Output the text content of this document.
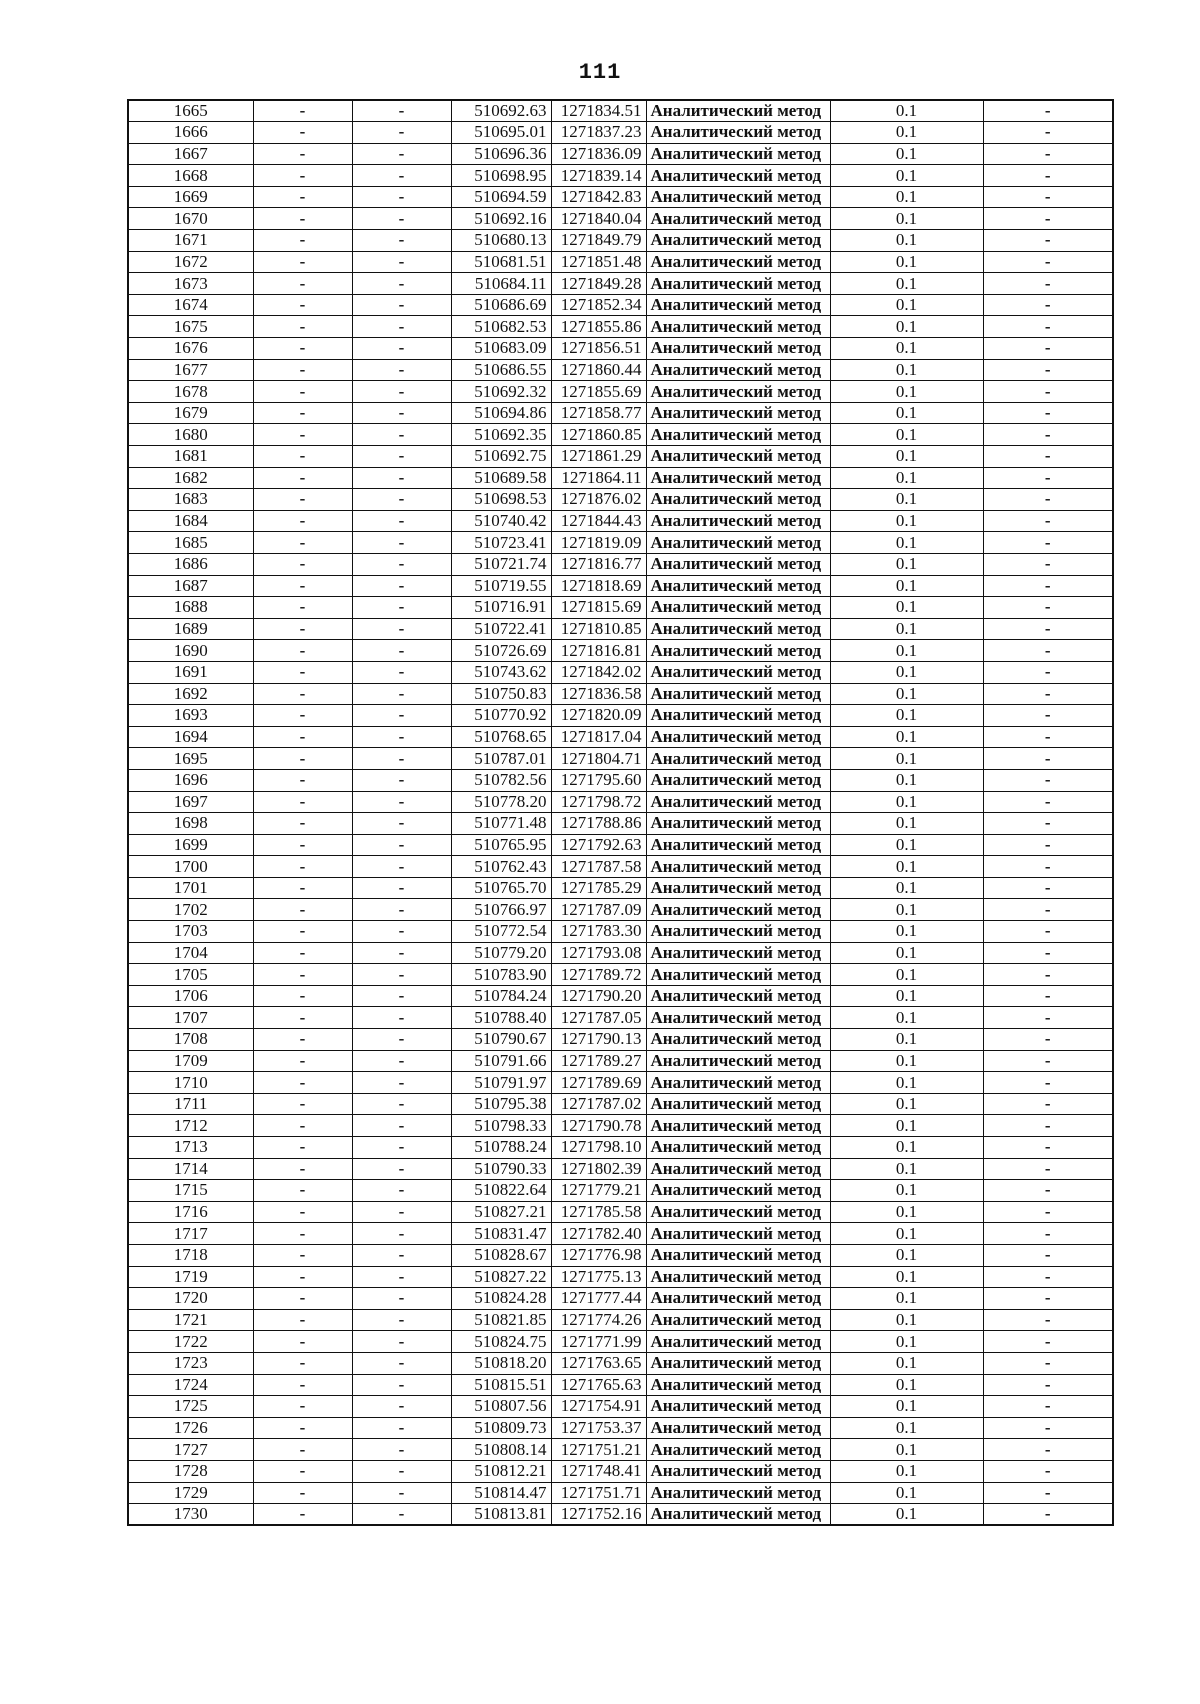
111
1665	-	-	510692.63	1271834.51	Аналитический метод	0.1	-
1666	-	-	510695.01	1271837.23	Аналитический метод	0.1	-
1667	-	-	510696.36	1271836.09	Аналитический метод	0.1	-
1668	-	-	510698.95	1271839.14	Аналитический метод	0.1	-
1669	-	-	510694.59	1271842.83	Аналитический метод	0.1	-
1670	-	-	510692.16	1271840.04	Аналитический метод	0.1	-
1671	-	-	510680.13	1271849.79	Аналитический метод	0.1	-
1672	-	-	510681.51	1271851.48	Аналитический метод	0.1	-
1673	-	-	510684.11	1271849.28	Аналитический метод	0.1	-
1674	-	-	510686.69	1271852.34	Аналитический метод	0.1	-
1675	-	-	510682.53	1271855.86	Аналитический метод	0.1	-
1676	-	-	510683.09	1271856.51	Аналитический метод	0.1	-
1677	-	-	510686.55	1271860.44	Аналитический метод	0.1	-
1678	-	-	510692.32	1271855.69	Аналитический метод	0.1	-
1679	-	-	510694.86	1271858.77	Аналитический метод	0.1	-
1680	-	-	510692.35	1271860.85	Аналитический метод	0.1	-
1681	-	-	510692.75	1271861.29	Аналитический метод	0.1	-
1682	-	-	510689.58	1271864.11	Аналитический метод	0.1	-
1683	-	-	510698.53	1271876.02	Аналитический метод	0.1	-
1684	-	-	510740.42	1271844.43	Аналитический метод	0.1	-
1685	-	-	510723.41	1271819.09	Аналитический метод	0.1	-
1686	-	-	510721.74	1271816.77	Аналитический метод	0.1	-
1687	-	-	510719.55	1271818.69	Аналитический метод	0.1	-
1688	-	-	510716.91	1271815.69	Аналитический метод	0.1	-
1689	-	-	510722.41	1271810.85	Аналитический метод	0.1	-
1690	-	-	510726.69	1271816.81	Аналитический метод	0.1	-
1691	-	-	510743.62	1271842.02	Аналитический метод	0.1	-
1692	-	-	510750.83	1271836.58	Аналитический метод	0.1	-
1693	-	-	510770.92	1271820.09	Аналитический метод	0.1	-
1694	-	-	510768.65	1271817.04	Аналитический метод	0.1	-
1695	-	-	510787.01	1271804.71	Аналитический метод	0.1	-
1696	-	-	510782.56	1271795.60	Аналитический метод	0.1	-
1697	-	-	510778.20	1271798.72	Аналитический метод	0.1	-
1698	-	-	510771.48	1271788.86	Аналитический метод	0.1	-
1699	-	-	510765.95	1271792.63	Аналитический метод	0.1	-
1700	-	-	510762.43	1271787.58	Аналитический метод	0.1	-
1701	-	-	510765.70	1271785.29	Аналитический метод	0.1	-
1702	-	-	510766.97	1271787.09	Аналитический метод	0.1	-
1703	-	-	510772.54	1271783.30	Аналитический метод	0.1	-
1704	-	-	510779.20	1271793.08	Аналитический метод	0.1	-
1705	-	-	510783.90	1271789.72	Аналитический метод	0.1	-
1706	-	-	510784.24	1271790.20	Аналитический метод	0.1	-
1707	-	-	510788.40	1271787.05	Аналитический метод	0.1	-
1708	-	-	510790.67	1271790.13	Аналитический метод	0.1	-
1709	-	-	510791.66	1271789.27	Аналитический метод	0.1	-
1710	-	-	510791.97	1271789.69	Аналитический метод	0.1	-
1711	-	-	510795.38	1271787.02	Аналитический метод	0.1	-
1712	-	-	510798.33	1271790.78	Аналитический метод	0.1	-
1713	-	-	510788.24	1271798.10	Аналитический метод	0.1	-
1714	-	-	510790.33	1271802.39	Аналитический метод	0.1	-
1715	-	-	510822.64	1271779.21	Аналитический метод	0.1	-
1716	-	-	510827.21	1271785.58	Аналитический метод	0.1	-
1717	-	-	510831.47	1271782.40	Аналитический метод	0.1	-
1718	-	-	510828.67	1271776.98	Аналитический метод	0.1	-
1719	-	-	510827.22	1271775.13	Аналитический метод	0.1	-
1720	-	-	510824.28	1271777.44	Аналитический метод	0.1	-
1721	-	-	510821.85	1271774.26	Аналитический метод	0.1	-
1722	-	-	510824.75	1271771.99	Аналитический метод	0.1	-
1723	-	-	510818.20	1271763.65	Аналитический метод	0.1	-
1724	-	-	510815.51	1271765.63	Аналитический метод	0.1	-
1725	-	-	510807.56	1271754.91	Аналитический метод	0.1	-
1726	-	-	510809.73	1271753.37	Аналитический метод	0.1	-
1727	-	-	510808.14	1271751.21	Аналитический метод	0.1	-
1728	-	-	510812.21	1271748.41	Аналитический метод	0.1	-
1729	-	-	510814.47	1271751.71	Аналитический метод	0.1	-
1730	-	-	510813.81	1271752.16	Аналитический метод	0.1	-
